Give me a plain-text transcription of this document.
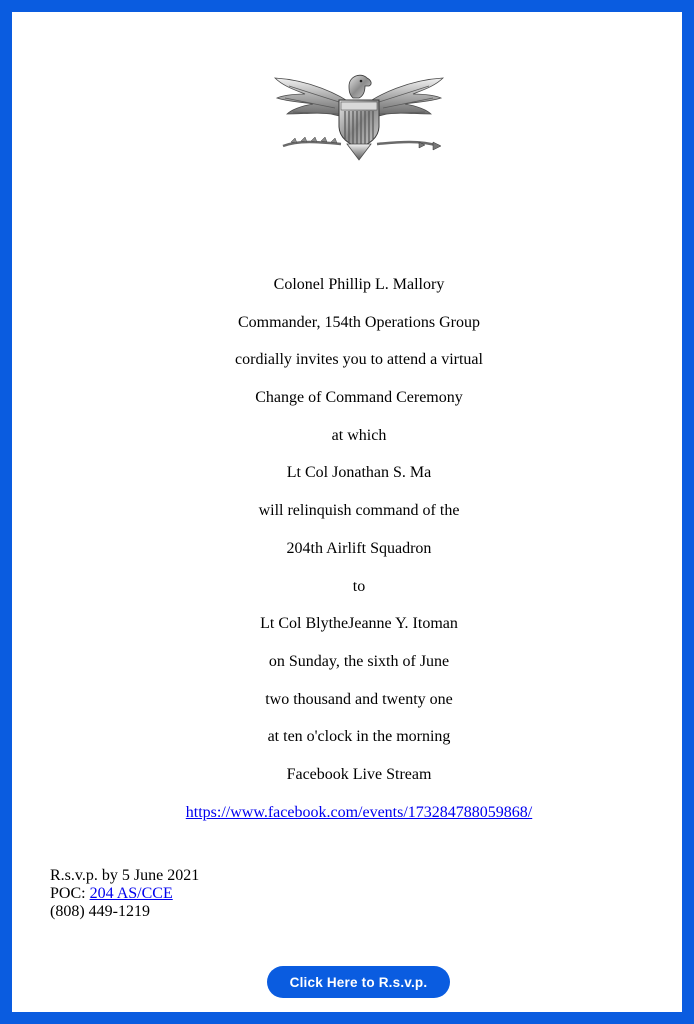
Colonel Phillip L. Mallory
Commander, 154th Operations Group
cordially invites you to attend a virtual
Change of Command Ceremony
at which
Lt Col Jonathan S. Ma
will relinquish command of the
204th Airlift Squadron
to
Lt Col BlytheJeanne Y. Itoman
on Sunday, the sixth of June
two thousand and twenty one
at ten o'clock in the morning
Facebook Live Stream
https://www.facebook.com/events/173284788059868/
R.s.v.p. by 5 June 2021
POC: 204 AS/CCE
(808) 449-1219
Click Here to R.s.v.p.
